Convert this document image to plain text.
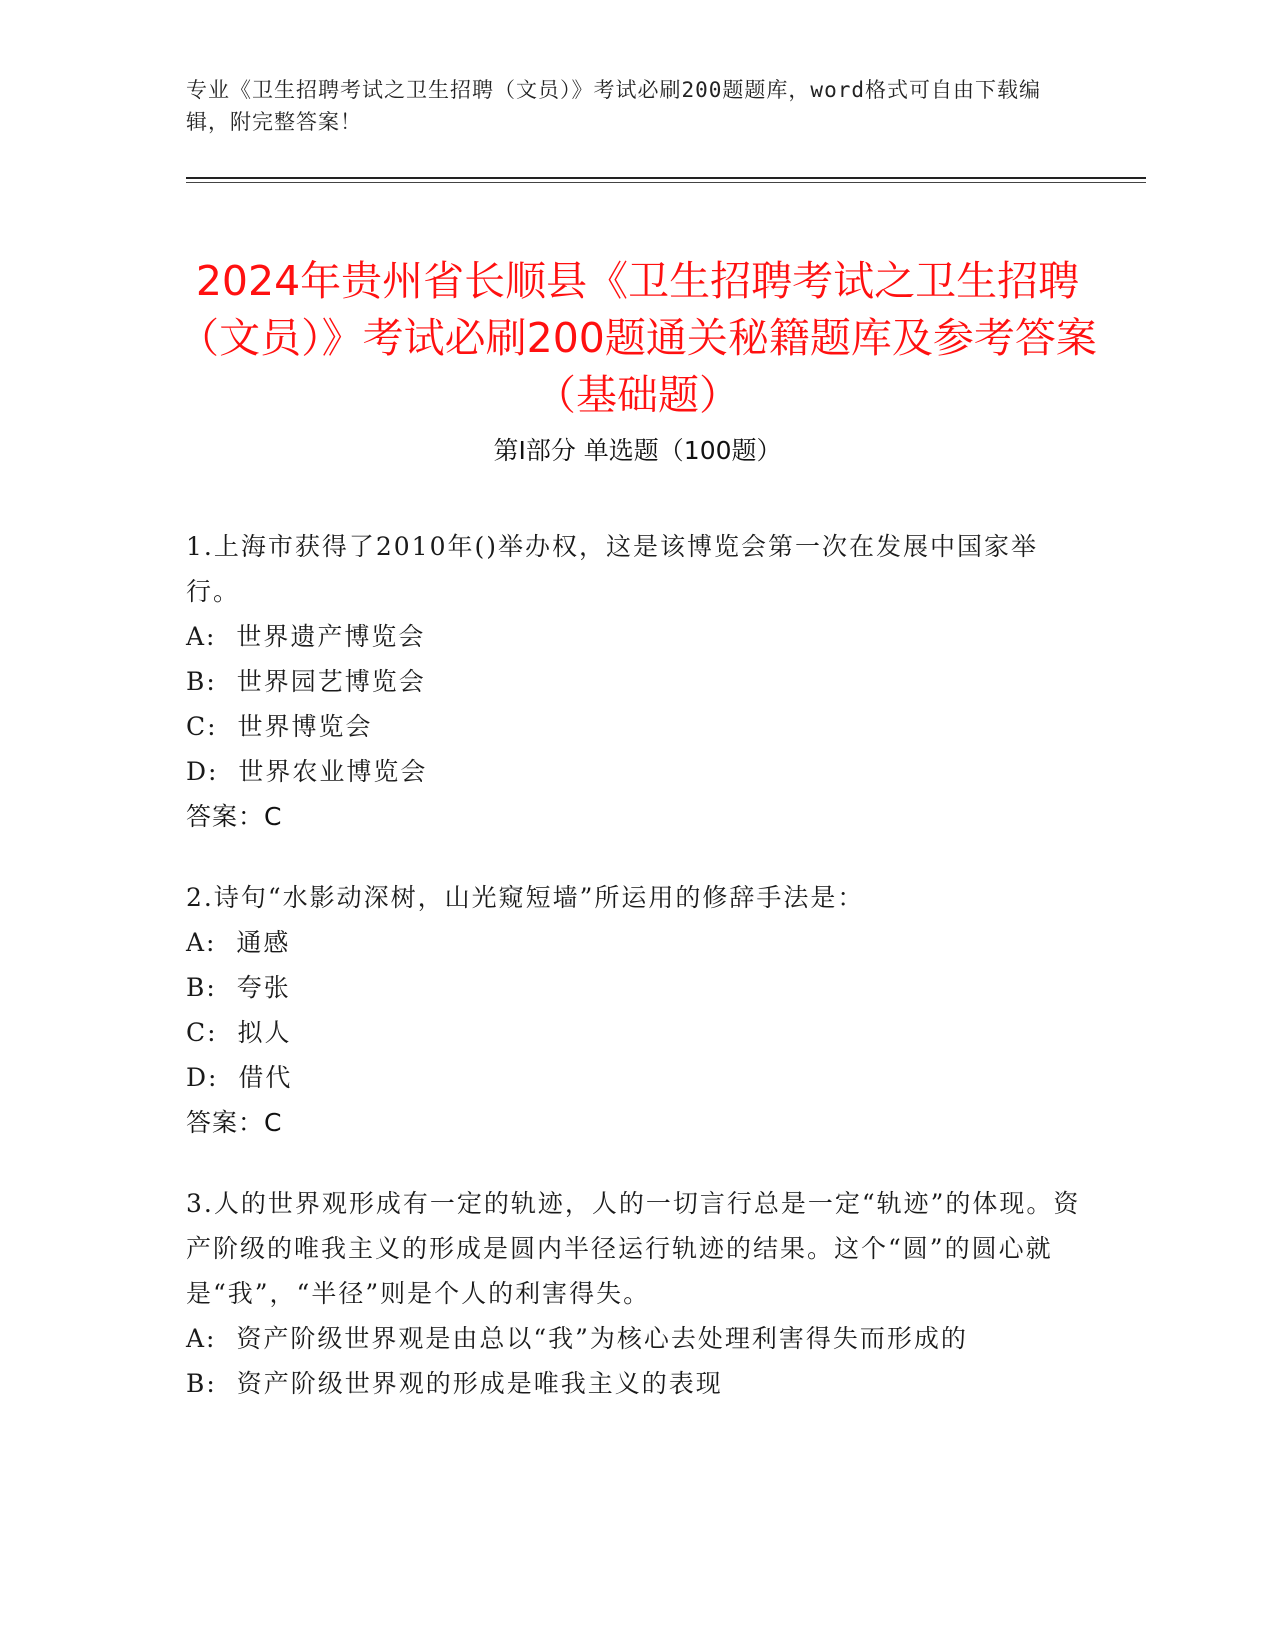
专业《卫生招聘考试之卫生招聘（文员）》考试必刷200题题库，word格式可自由下载编辑，附完整答案！
2024年贵州省长顺县《卫生招聘考试之卫生招聘（文员）》考试必刷200题通关秘籍题库及参考答案（基础题）
第Ⅰ部分 单选题（100题）

1.上海市获得了2010年()举办权，这是该博览会第一次在发展中国家举行。

A:  世界遗产博览会

B:  世界园艺博览会

C:  世界博览会

D:  世界农业博览会

答案：C

2.诗句“水影动深树，山光窥短墙”所运用的修辞手法是：

A:  通感

B:  夸张

C:  拟人

D:  借代

答案：C

3.人的世界观形成有一定的轨迹，人的一切言行总是一定“轨迹”的体现。资产阶级的唯我主义的形成是圆内半径运行轨迹的结果。这个“圆”的圆心就是“我”，“半径”则是个人的利害得失。

A:  资产阶级世界观是由总以“我”为核心去处理利害得失而形成的

B:  资产阶级世界观的形成是唯我主义的表现
